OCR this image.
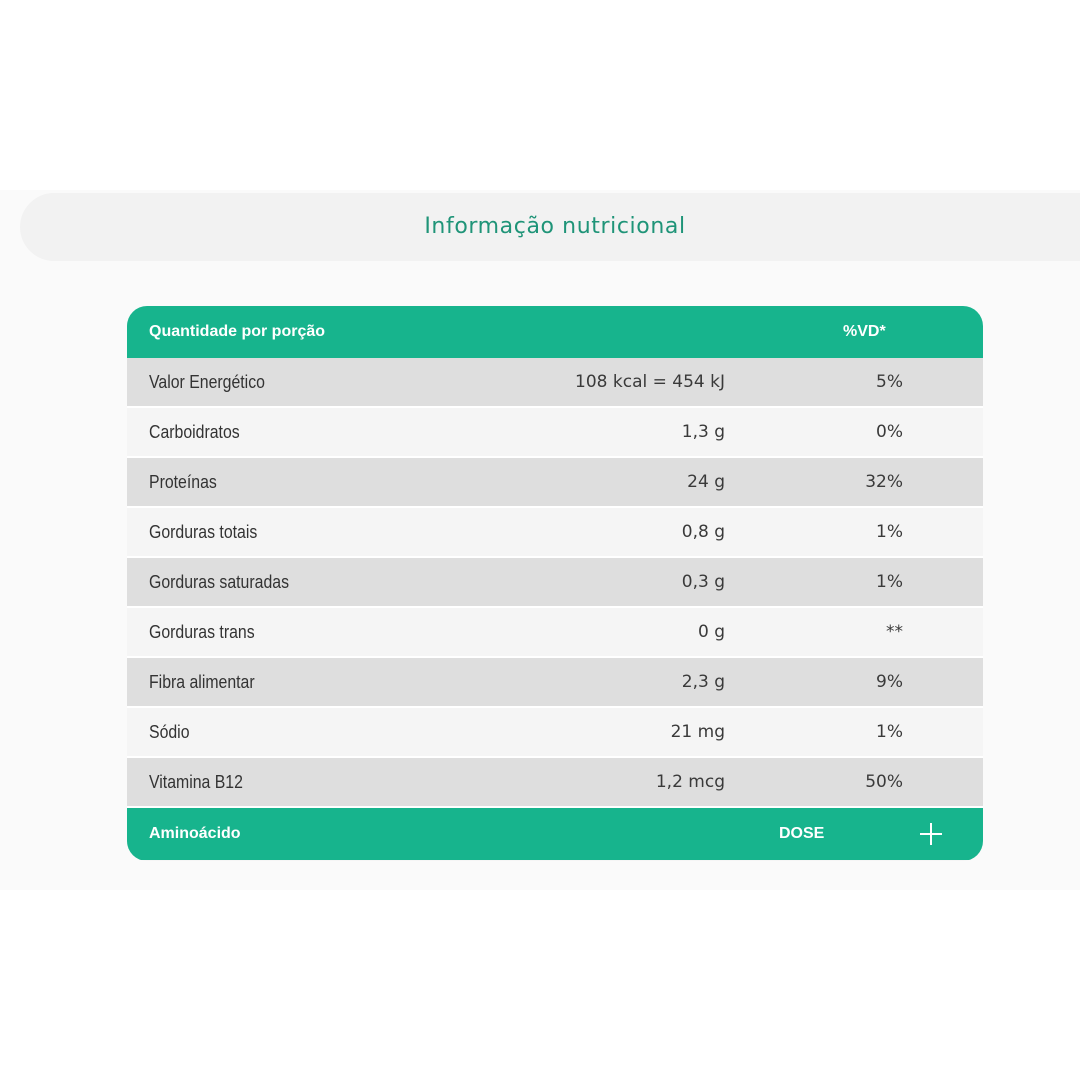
Informação nutricional
Quantidade por porção	%VD*
Valor Energético	108 kcal = 454 kJ	5%
Carboidratos	1,3 g	0%
Proteínas	24 g	32%
Gorduras totais	0,8 g	1%
Gorduras saturadas	0,3 g	1%
Gorduras trans	0 g	**
Fibra alimentar	2,3 g	9%
Sódio	21 mg	1%
Vitamina B12	1,2 mcg	50%
Aminoácido	DOSE
